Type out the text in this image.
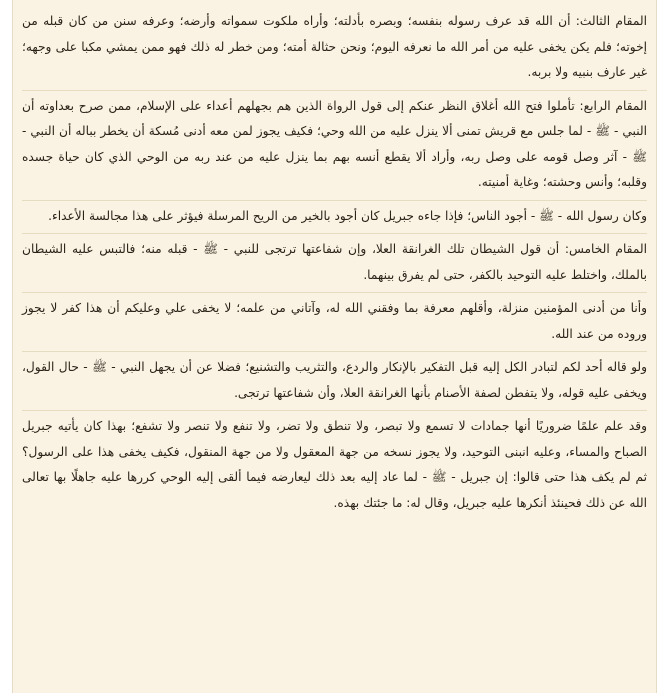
المقام الثالث: أن الله قد عرف رسوله بنفسه؛ وبصره بأدلته؛ وأراه ملكوت سمواته وأرضه؛ وعرفه سنن من كان قبله من إخوته؛ فلم يكن يخفى عليه من أمر الله ما نعرفه اليوم؛ ونحن حثالة أمته؛ ومن خطر له ذلك فهو ممن يمشي مكبا على وجهه؛ غير عارف بنبيه ولا بربه.

المقام الرابع: تأملوا فتح الله أغلاق النظر عنكم إلى قول الرواة الذين هم بجهلهم أعداء على الإسلام، ممن صرح بعداوته أن النبي - ﷺ - لما جلس مع قريش تمنى ألا ينزل عليه من الله وحي؛ فكيف يجوز لمن معه أدنى مُسكة أن يخطر بباله أن النبي - ﷺ - آثر وصل قومه على وصل ربه، وأراد ألا يقطع أنسه بهم بما ينزل عليه من عند ربه من الوحي الذي كان حياة جسده وقلبه؛ وأنس وحشته؛ وغاية أمنيته.

وكان رسول الله - ﷺ - أجود الناس؛ فإذا جاءه جبريل كان أجود بالخير من الريح المرسلة فيؤثر على هذا مجالسة الأعداء.

المقام الخامس: أن قول الشيطان تلك الغرانقة العلا، وإن شفاعتها ترتجى للنبي - ﷺ - قبله منه؛ فالتبس عليه الشيطان بالملك، واختلط عليه التوحيد بالكفر، حتى لم يفرق بينهما.

وأنا من أدنى المؤمنين منزلة، وأقلهم معرفة بما وفقني الله له، وآتاني من علمه؛ لا يخفى علي وعليكم أن هذا كفر لا يجوز وروده من عند الله.

ولو قاله أحد لكم لتبادر الكل إليه قبل التفكير بالإنكار والردع، والتثريب والتشنيع؛ فضلا عن أن يجهل النبي - ﷺ - حال القول، ويخفى عليه قوله، ولا يتفطن لصفة الأصنام بأنها الغرانقة العلا، وأن شفاعتها ترتجى.

وقد علم علمًا ضروريًا أنها جمادات لا تسمع ولا تبصر، ولا تنطق ولا تضر، ولا تنفع ولا تنصر ولا تشفع؛ بهذا كان يأتيه جبريل الصباح والمساء، وعليه انبنى التوحيد، ولا يجوز نسخه من جهة المعقول ولا من جهة المنقول، فكيف يخفى هذا على الرسول؟ ثم لم يكف هذا حتى قالوا: إن جبريل - ﷺ - لما عاد إليه بعد ذلك ليعارضه فيما ألقى إليه الوحي كررها عليه جاهلًا بها تعالى الله عن ذلك فحينئذ أنكرها عليه جبريل، وقال له: ما جئتك بهذه.
